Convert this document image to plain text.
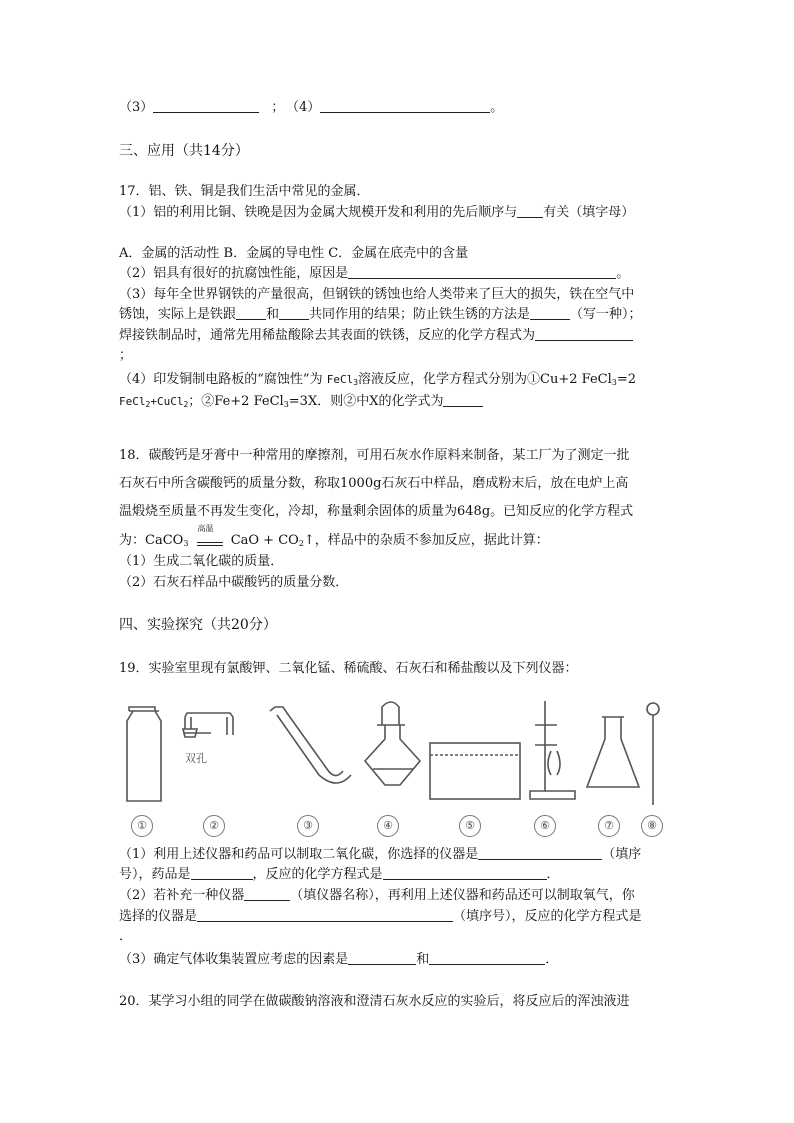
（3）	； （4）	。
三、应用（共14分）
17．铝、铁、铜是我们生活中常见的金属．
（1）铝的利用比铜、铁晚是因为金属大规模开发和利用的先后顺序与 有关（填字母）
A．金属的活动性 B．金属的导电性 C．金属在底壳中的含量
（2）铝具有很好的抗腐蚀性能，原因是	。
（3）每年全世界钢铁的产量很高，但钢铁的锈蚀也给人类带来了巨大的损失，铁在空气中
锈蚀，实际上是铁跟 和 共同作用的结果；防止铁生锈的方法是	（写一种）；
焊接铁制品时，通常先用稀盐酸除去其表面的铁锈，反应的化学方程式为
；
（4）印发铜制电路板的“腐蚀性”为 FeCl$_3$溶液反应，化学方程式分别为①Cu+2 FeCl$_3$=2
FeCl$_2$+CuCl$_2$；②Fe+2 FeCl$_3$=3X．则②中X的化学式为
18．碳酸钙是牙膏中一种常用的摩擦剂，可用石灰水作原料来制备，某工厂为了测定一批
石灰石中所含碳酸钙的质量分数，称取1000g石灰石中样品，磨成粉末后，放在电炉上高
温煅烧至质量不再发生变化，冷却，称量剩余固体的质量为648g。已知反应的化学方程式
为：CaCO$_3$
高温
CaO + $CO_2↑$，样品中的杂质不参加反应，据此计算：
（1）生成二氧化碳的质量．
（2）石灰石样品中碳酸钙的质量分数．
四、实验探究（共20分）
19．实验室里现有氯酸钾、二氧化锰、稀硫酸、石灰石和稀盐酸以及下列仪器：
双孔
①	②	③	④	⑤	⑥	⑦	⑧
（1）利用上述仪器和药品可以制取二氧化碳，你选择的仪器是	（填序
号），药品是	，反应的化学方程式是	．
（2）若补充一种仪器	（填仪器名称），再利用上述仪器和药品还可以制取氧气，你
选择的仪器是	（填序号），反应的化学方程式是
．
（3）确定气体收集装置应考虑的因素是	和	．
20．某学习小组的同学在做碳酸钠溶液和澄清石灰水反应的实验后，将反应后的浑浊液进
